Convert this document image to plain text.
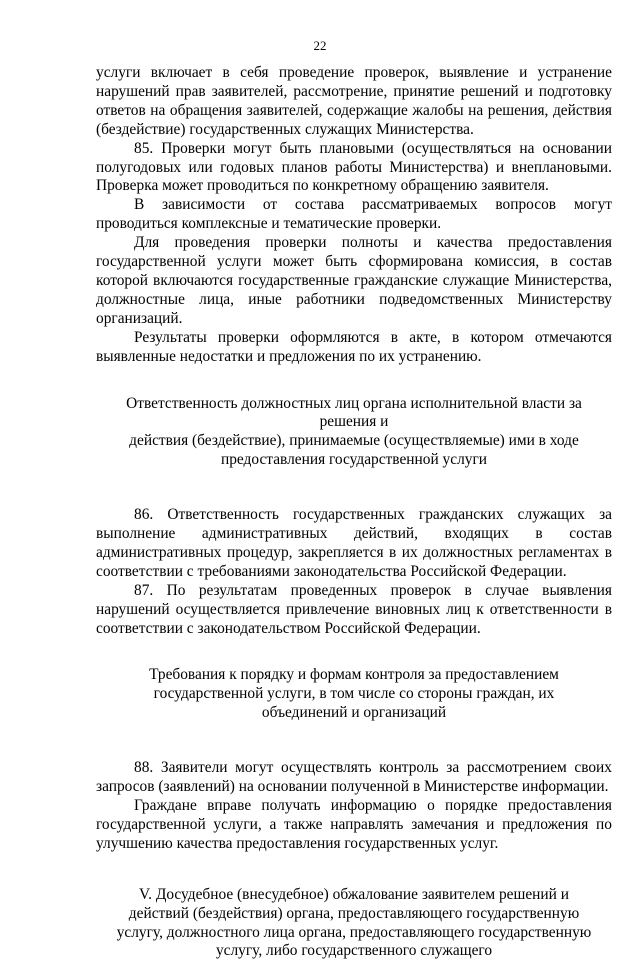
22

услуги включает в себя проведение проверок, выявление и устранение нарушений прав заявителей, рассмотрение, принятие решений и подготовку ответов на обращения заявителей, содержащие жалобы на решения, действия (бездействие) государственных служащих Министерства.

85. Проверки могут быть плановыми (осуществляться на основании полугодовых или годовых планов работы Министерства) и внеплановыми. Проверка может проводиться по конкретному обращению заявителя.

В зависимости от состава рассматриваемых вопросов могут проводиться комплексные и тематические проверки.

Для проведения проверки полноты и качества предоставления государственной услуги может быть сформирована комиссия, в состав которой включаются государственные гражданские служащие Министерства, должностные лица, иные работники подведомственных Министерству организаций.

Результаты проверки оформляются в акте, в котором отмечаются выявленные недостатки и предложения по их устранению.

Ответственность должностных лиц органа исполнительной власти за решения и
действия (бездействие), принимаемые (осуществляемые) ими в ходе
предоставления государственной услуги

86. Ответственность государственных гражданских служащих за выполнение административных действий, входящих в состав административных процедур, закрепляется в их должностных регламентах в соответствии с требованиями законодательства Российской Федерации.

87. По результатам проведенных проверок в случае выявления нарушений осуществляется привлечение виновных лиц к ответственности в соответствии с законодательством Российской Федерации.

Требования к порядку и формам контроля за предоставлением
государственной услуги, в том числе со стороны граждан, их
объединений и организаций

88. Заявители могут осуществлять контроль за рассмотрением своих запросов (заявлений) на основании полученной в Министерстве информации.

Граждане вправе получать информацию о порядке предоставления государственной услуги, а также направлять замечания и предложения по улучшению качества предоставления государственных услуг.

V. Досудебное (внесудебное) обжалование заявителем решений и
действий (бездействия) органа, предоставляющего государственную
услугу, должностного лица органа, предоставляющего государственную
услугу, либо государственного служащего
